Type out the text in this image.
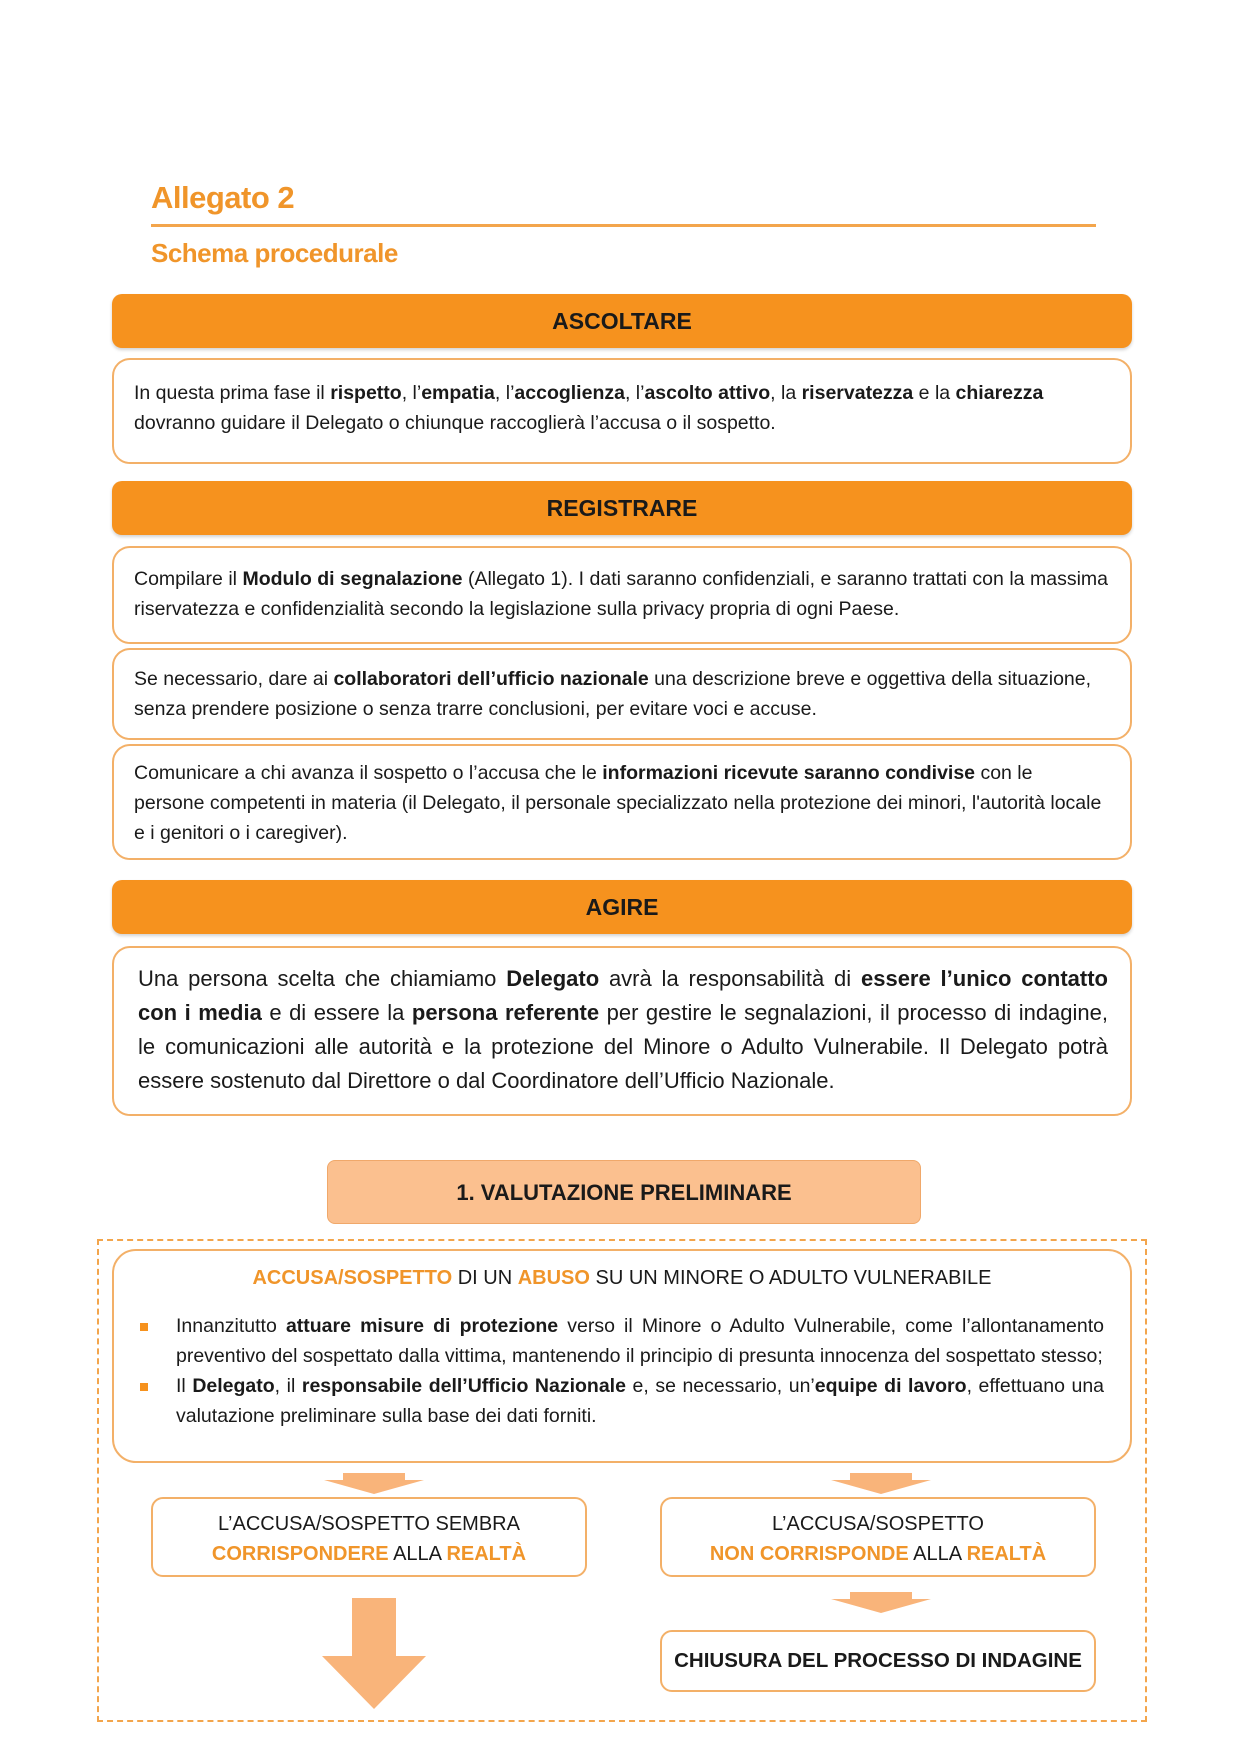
Allegato 2
Schema procedurale
ASCOLTARE
In questa prima fase il rispetto, l’empatia, l’accoglienza, l’ascolto attivo, la riservatezza e la chiarezza dovranno guidare il Delegato o chiunque raccoglierà l’accusa o il sospetto.
REGISTRARE
Compilare il Modulo di segnalazione (Allegato 1). I dati saranno confidenziali, e saranno trattati con la massima riservatezza e confidenzialità secondo la legislazione sulla privacy propria di ogni Paese.
Se necessario, dare ai collaboratori dell’ufficio nazionale una descrizione breve e oggettiva della situazione, senza prendere posizione o senza trarre conclusioni, per evitare voci e accuse.
Comunicare a chi avanza il sospetto o l’accusa che le informazioni ricevute saranno condivise con le persone competenti in materia (il Delegato, il personale specializzato nella protezione dei minori, l'autorità locale e i genitori o i caregiver).
AGIRE
Una persona scelta che chiamiamo Delegato avrà la responsabilità di essere l’unico contatto con i media e di essere la persona referente per gestire le segnalazioni, il processo di indagine, le comunicazioni alle autorità e la protezione del Minore o Adulto Vulnerabile. Il Delegato potrà essere sostenuto dal Direttore o dal Coordinatore dell’Ufficio Nazionale.
1. VALUTAZIONE PRELIMINARE
ACCUSA/SOSPETTO DI UN ABUSO SU UN MINORE O ADULTO VULNERABILE
Innanzitutto attuare misure di protezione verso il Minore o Adulto Vulnerabile, come l’allontanamento preventivo del sospettato dalla vittima, mantenendo il principio di presunta innocenza del sospettato stesso;
Il Delegato, il responsabile dell’Ufficio Nazionale e, se necessario, un’equipe di lavoro, effettuano una valutazione preliminare sulla base dei dati forniti.
L’ACCUSA/SOSPETTO SEMBRA
CORRISPONDERE ALLA REALTÀ
L’ACCUSA/SOSPETTO
NON CORRISPONDE ALLA REALTÀ
CHIUSURA DEL PROCESSO DI INDAGINE
